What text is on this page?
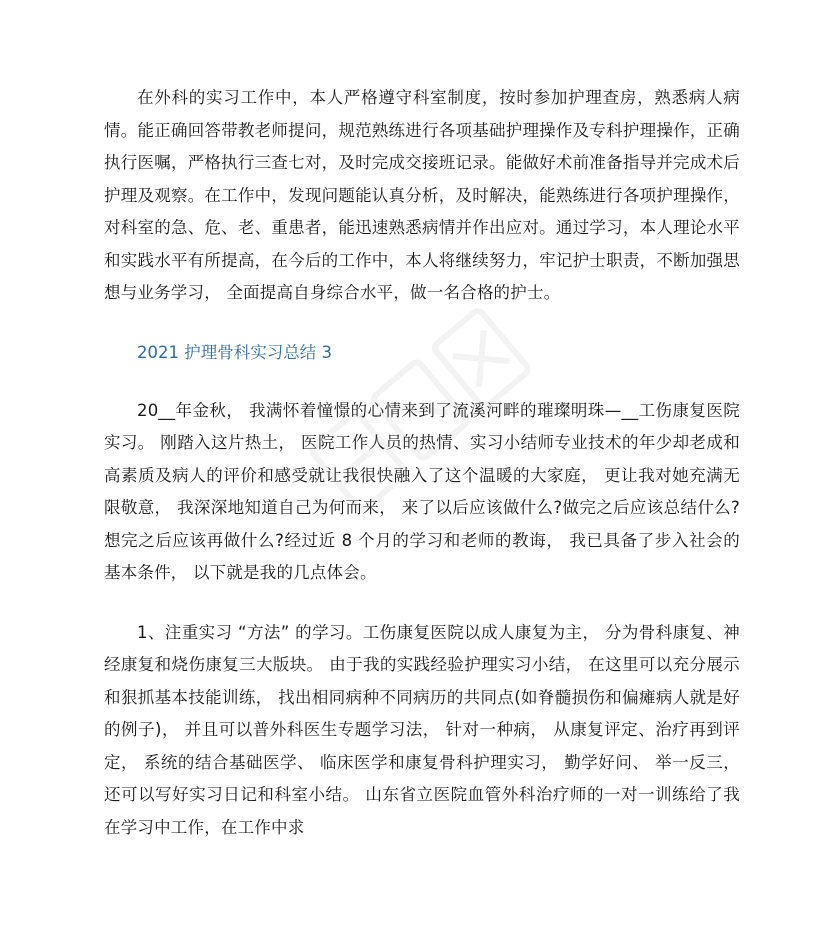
在外科的实习工作中，本人严格遵守科室制度，按时参加护理查房，熟悉病人病情。能正确回答带教老师提问，规范熟练进行各项基础护理操作及专科护理操作，正确执行医嘱，严格执行三查七对，及时完成交接班记录。能做好术前准备指导并完成术后护理及观察。在工作中，发现问题能认真分析，及时解决，能熟练进行各项护理操作，对科室的急、危、老、重患者，能迅速熟悉病情并作出应对。通过学习，本人理论水平和实践水平有所提高，在今后的工作中，本人将继续努力，牢记护士职责，不断加强思想与业务学习， 全面提高自身综合水平，做一名合格的护士。

2021 护理骨科实习总结 3

20__年金秋， 我满怀着憧憬的心情来到了流溪河畔的璀璨明珠—__工伤康复医院实习。 刚踏入这片热土， 医院工作人员的热情、实习小结师专业技术的年少却老成和高素质及病人的评价和感受就让我很快融入了这个温暖的大家庭， 更让我对她充满无限敬意， 我深深地知道自己为何而来， 来了以后应该做什么?做完之后应该总结什么?想完之后应该再做什么?经过近 8 个月的学习和老师的教诲， 我已具备了步入社会的基本条件， 以下就是我的几点体会。

1、注重实习 “方法” 的学习。工伤康复医院以成人康复为主， 分为骨科康复、神经康复和烧伤康复三大版块。 由于我的实践经验护理实习小结， 在这里可以充分展示和狠抓基本技能训练， 找出相同病种不同病历的共同点(如脊髓损伤和偏瘫病人就是好的例子)， 并且可以普外科医生专题学习法， 针对一种病， 从康复评定、治疗再到评定， 系统的结合基础医学、 临床医学和康复骨科护理实习， 勤学好问、 举一反三， 还可以写好实习日记和科室小结。 山东省立医院血管外科治疗师的一对一训练给了我在学习中工作，在工作中求
